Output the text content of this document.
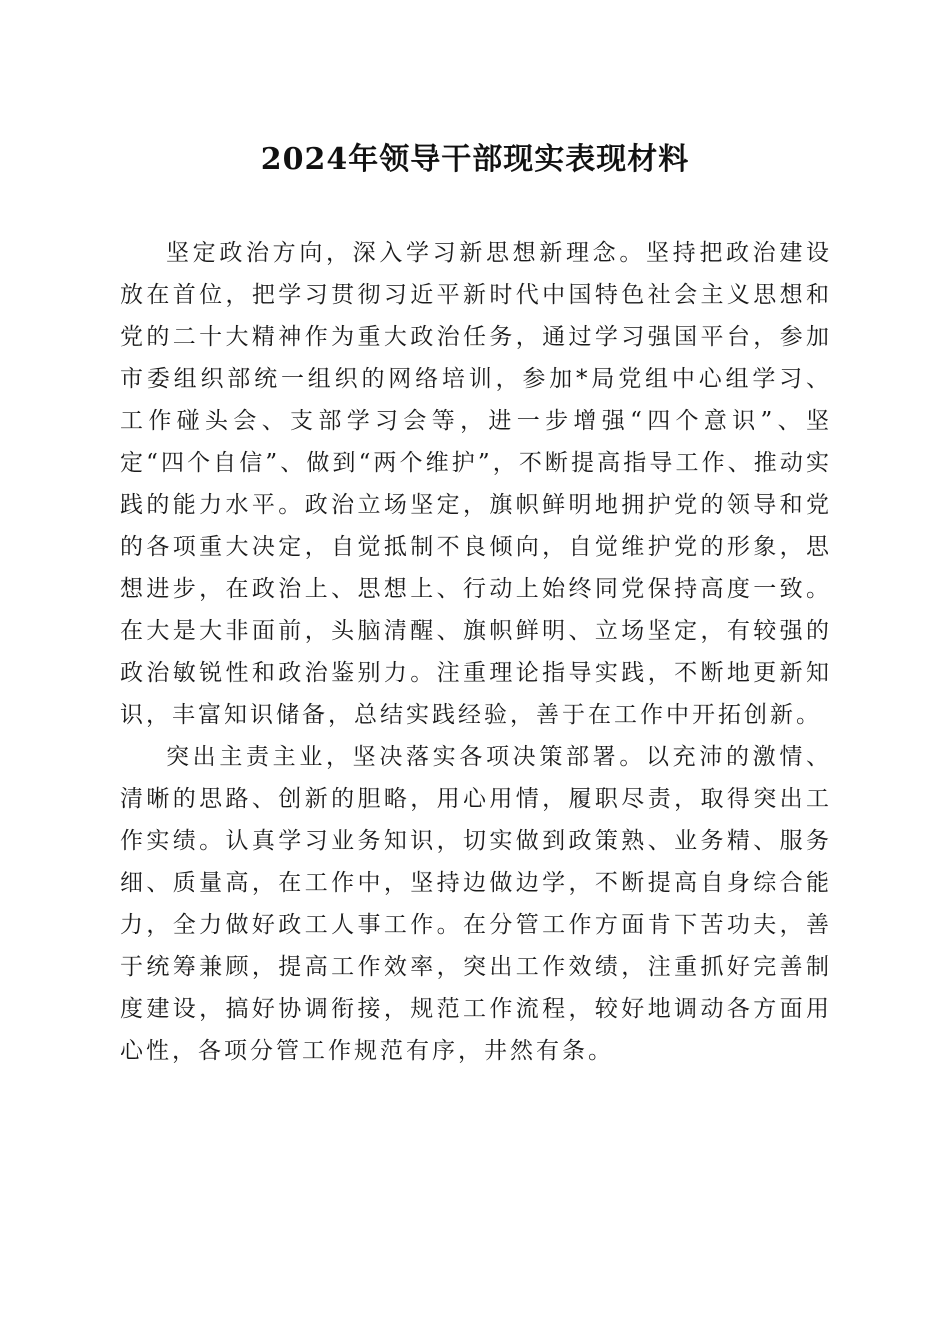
2024年领导干部现实表现材料

坚定政治方向，深入学习新思想新理念。坚持把政治建设放在首位，把学习贯彻习近平新时代中国特色社会主义思想和党的二十大精神作为重大政治任务，通过学习强国平台，参加市委组织部统一组织的网络培训，参加*局党组中心组学习、工作碰头会、支部学习会等，进一步增强“四个意识”、坚定“四个自信”、做到“两个维护”，不断提高指导工作、推动实践的能力水平。政治立场坚定，旗帜鲜明地拥护党的领导和党的各项重大决定，自觉抵制不良倾向，自觉维护党的形象，思想进步，在政治上、思想上、行动上始终同党保持高度一致。在大是大非面前，头脑清醒、旗帜鲜明、立场坚定，有较强的政治敏锐性和政治鉴别力。注重理论指导实践，不断地更新知识，丰富知识储备，总结实践经验，善于在工作中开拓创新。

突出主责主业，坚决落实各项决策部署。以充沛的激情、清晰的思路、创新的胆略，用心用情，履职尽责，取得突出工作实绩。认真学习业务知识，切实做到政策熟、业务精、服务细、质量高，在工作中，坚持边做边学，不断提高自身综合能力，全力做好政工人事工作。在分管工作方面肯下苦功夫，善于统筹兼顾，提高工作效率，突出工作效绩，注重抓好完善制度建设，搞好协调衔接，规范工作流程，较好地调动各方面用心性，各项分管工作规范有序，井然有条。
